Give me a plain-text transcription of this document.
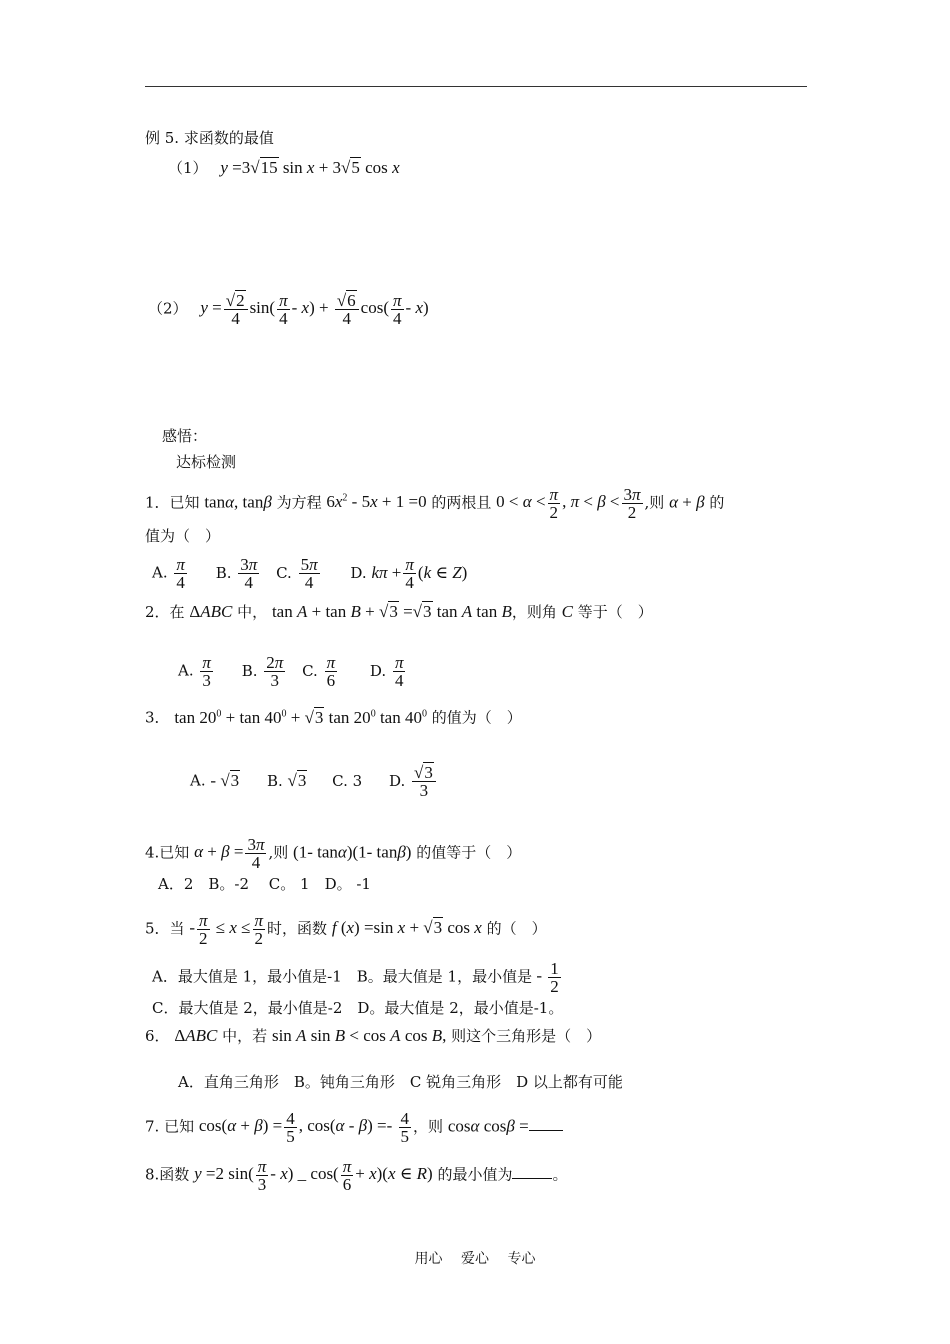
例 5. 求函数的最值
（1） y =3√15 sin x + 3√5 cos x
（2） $y = \frac{√2}{4} \sin( \frac{\pi}{4} - x) + \frac{√6}{4} \cos( \frac{\pi}{4} - x)$
感悟：
达标检测
1．已知 tanα, tanβ 为方程 $6x^2 - 5x + 1 =0$ 的两根且 $0 < \alpha < \frac{\pi}{2}$ , $\pi < \beta < \frac{3\pi}{2}$ ,则 α + β 的
值为（　）
A. $\frac{\pi}{4} B$. $\frac{3\pi}{4} C$. $\frac{5\pi}{4} D$. $k\pi + \frac{\pi}{4} (k$ ∈ Z)
2．在 ΔABC 中， tan A + tan B + √3 =√3 tan A tan B，则角 C 等于（　）
A. $\frac{\pi}{3} B$. $\frac{2\pi}{3} C$. $\frac{\pi}{6} D$. $\frac{\pi}{4}$
3． $\tan 20^0 + \tan 40^0 + √3$ $\tan 20^0$ $\tan 40^0$ 的值为（　）
A. - √3 B. √3 C. 3 D. $\frac{√3}{3}$
4.已知 $\alpha + \beta = \frac{3\pi}{4}$ ,则 (1- tanα)(1- tanβ) 的值等于（　）
A．2　B。-2　 C。 1　D。 -1
5．当 - $\frac{\pi}{2} \le x \le \frac{\pi}{2}$ 时，函数 f (x) =sin x + √3 cos x 的（　）
A．最大值是 1，最小值是-1　B。最大值是 1，最小值是 - $\frac{1}{2}$
C．最大值是 2，最小值是-2　D。最大值是 2，最小值是-1。
6． ΔABC 中，若 sin A sin B < cos A cos B, 则这个三角形是（　）
A．直角三角形　B。钝角三角形　C 锐角三角形　D 以上都有可能
7. 已知 $\cos(\alpha + \beta) = \frac{4}{5}$ , $\cos(\alpha - \beta) =- \frac{4}{5}$ ，则 cosα cosβ =
8.函数 y =2 $\sin( \frac{\pi}{3} - x)$ _ $\cos( \frac{\pi}{6} + x)(x$ ∈ R) 的最小值为	。
用心 爱心 专心
